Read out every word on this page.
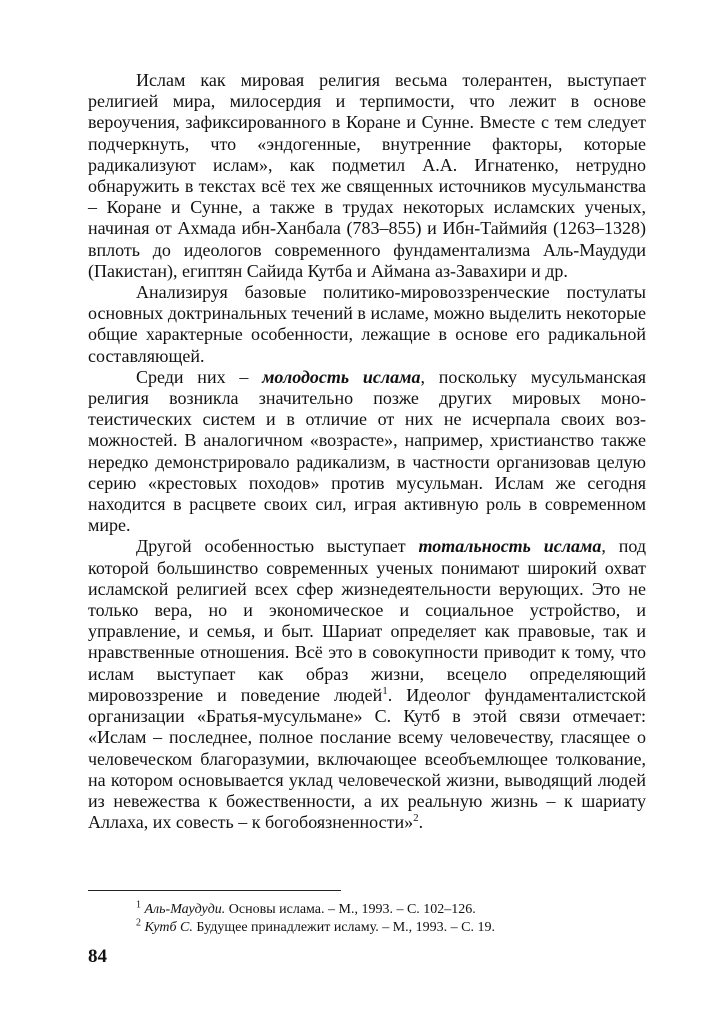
Ислам как мировая религия весьма толерантен, выступает религией мира, милосердия и терпимости, что лежит в основе вероучения, зафиксированного в Коране и Сунне. Вместе с тем следует подчеркнуть, что «эндогенные, внутренние факторы, которые радикализуют ислам», как подметил А.А. Игнатенко, нетрудно обнаружить в текстах всё тех же священных источников мусульманства – Коране и Сунне, а также в трудах некоторых исламских ученых, начиная от Ахмада ибн-Ханбала (783–855) и Ибн-Таймийя (1263–1328) вплоть до идеологов современного фундаментализма Аль-Маудуди (Пакистан), египтян Сайида Кутба и Аймана аз-Завахири и др.

Анализируя базовые политико-мировоззренческие постулаты основных доктринальных течений в исламе, можно выделить некоторые общие характерные особенности, лежащие в основе его радикальной составляющей.

Среди них – молодость ислама, поскольку мусульманская религия возникла значительно позже других мировых монотеистических систем и в отличие от них не исчерпала своих возможностей. В аналогичном «возрасте», например, христианство также нередко демонстрировало радикализм, в частности организовав целую серию «крестовых походов» против мусульман. Ислам же сегодня находится в расцвете своих сил, играя активную роль в современном мире.

Другой особенностью выступает тотальность ислама, под которой большинство современных ученых понимают широкий охват исламской религией всех сфер жизнедеятельности верующих. Это не только вера, но и экономическое и социальное устройство, и управление, и семья, и быт. Шариат определяет как правовые, так и нравственные отношения. Всё это в совокупности приводит к тому, что ислам выступает как образ жизни, всецело определяющий мировоззрение и поведение людей$^1$. Идеолог фундаменталистской организации «Братья-мусульмане» С. Кутб в этой связи отмечает: «Ислам – последнее, полное послание всему человечеству, гласящее о человеческом благоразумии, включающее всеобъемлющее толкование, на котором основывается уклад человеческой жизни, выводящий людей из невежества к божественности, а их реальную жизнь – к шариату Аллаха, их совесть – к богобоязненности»$^2$.

$^1$ Аль-Маудуди. Основы ислама. – М., 1993. – С. 102–126.

$^2$ Кутб С. Будущее принадлежит исламу. – М., 1993. – С. 19.

84
